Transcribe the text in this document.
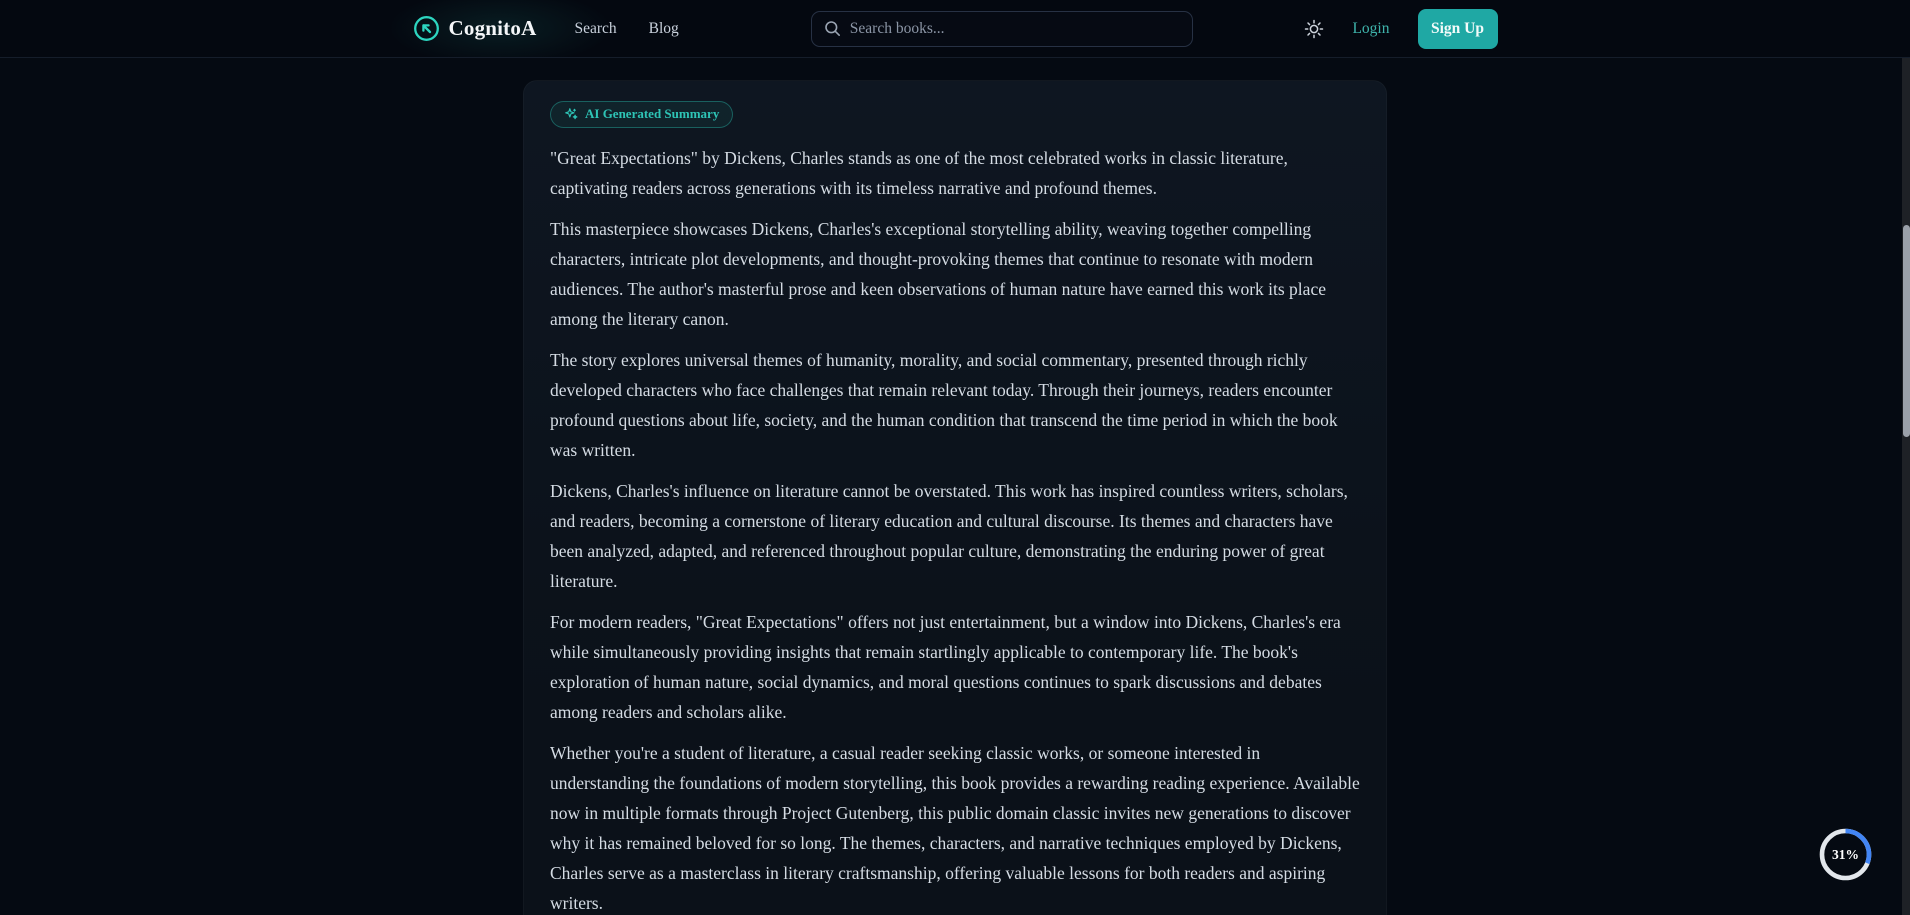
CognitoA Search Blog
Search books...	Login	Sign Up
AI Generated Summary

"Great Expectations" by Dickens, Charles stands as one of the most celebrated works in classic literature, captivating readers across generations with its timeless narrative and profound themes.

This masterpiece showcases Dickens, Charles's exceptional storytelling ability, weaving together compelling characters, intricate plot developments, and thought-provoking themes that continue to resonate with modern audiences. The author's masterful prose and keen observations of human nature have earned this work its place among the literary canon.

The story explores universal themes of humanity, morality, and social commentary, presented through richly developed characters who face challenges that remain relevant today. Through their journeys, readers encounter profound questions about life, society, and the human condition that transcend the time period in which the book was written.

Dickens, Charles's influence on literature cannot be overstated. This work has inspired countless writers, scholars, and readers, becoming a cornerstone of literary education and cultural discourse. Its themes and characters have been analyzed, adapted, and referenced throughout popular culture, demonstrating the enduring power of great literature.

For modern readers, "Great Expectations" offers not just entertainment, but a window into Dickens, Charles's era while simultaneously providing insights that remain startlingly applicable to contemporary life. The book's exploration of human nature, social dynamics, and moral questions continues to spark discussions and debates among readers and scholars alike.

Whether you're a student of literature, a casual reader seeking classic works, or someone interested in understanding the foundations of modern storytelling, this book provides a rewarding reading experience. Available now in multiple formats through Project Gutenberg, this public domain classic invites new generations to discover why it has remained beloved for so long. The themes, characters, and narrative techniques employed by Dickens, Charles serve as a masterclass in literary craftsmanship, offering valuable lessons for both readers and aspiring writers.

31%
